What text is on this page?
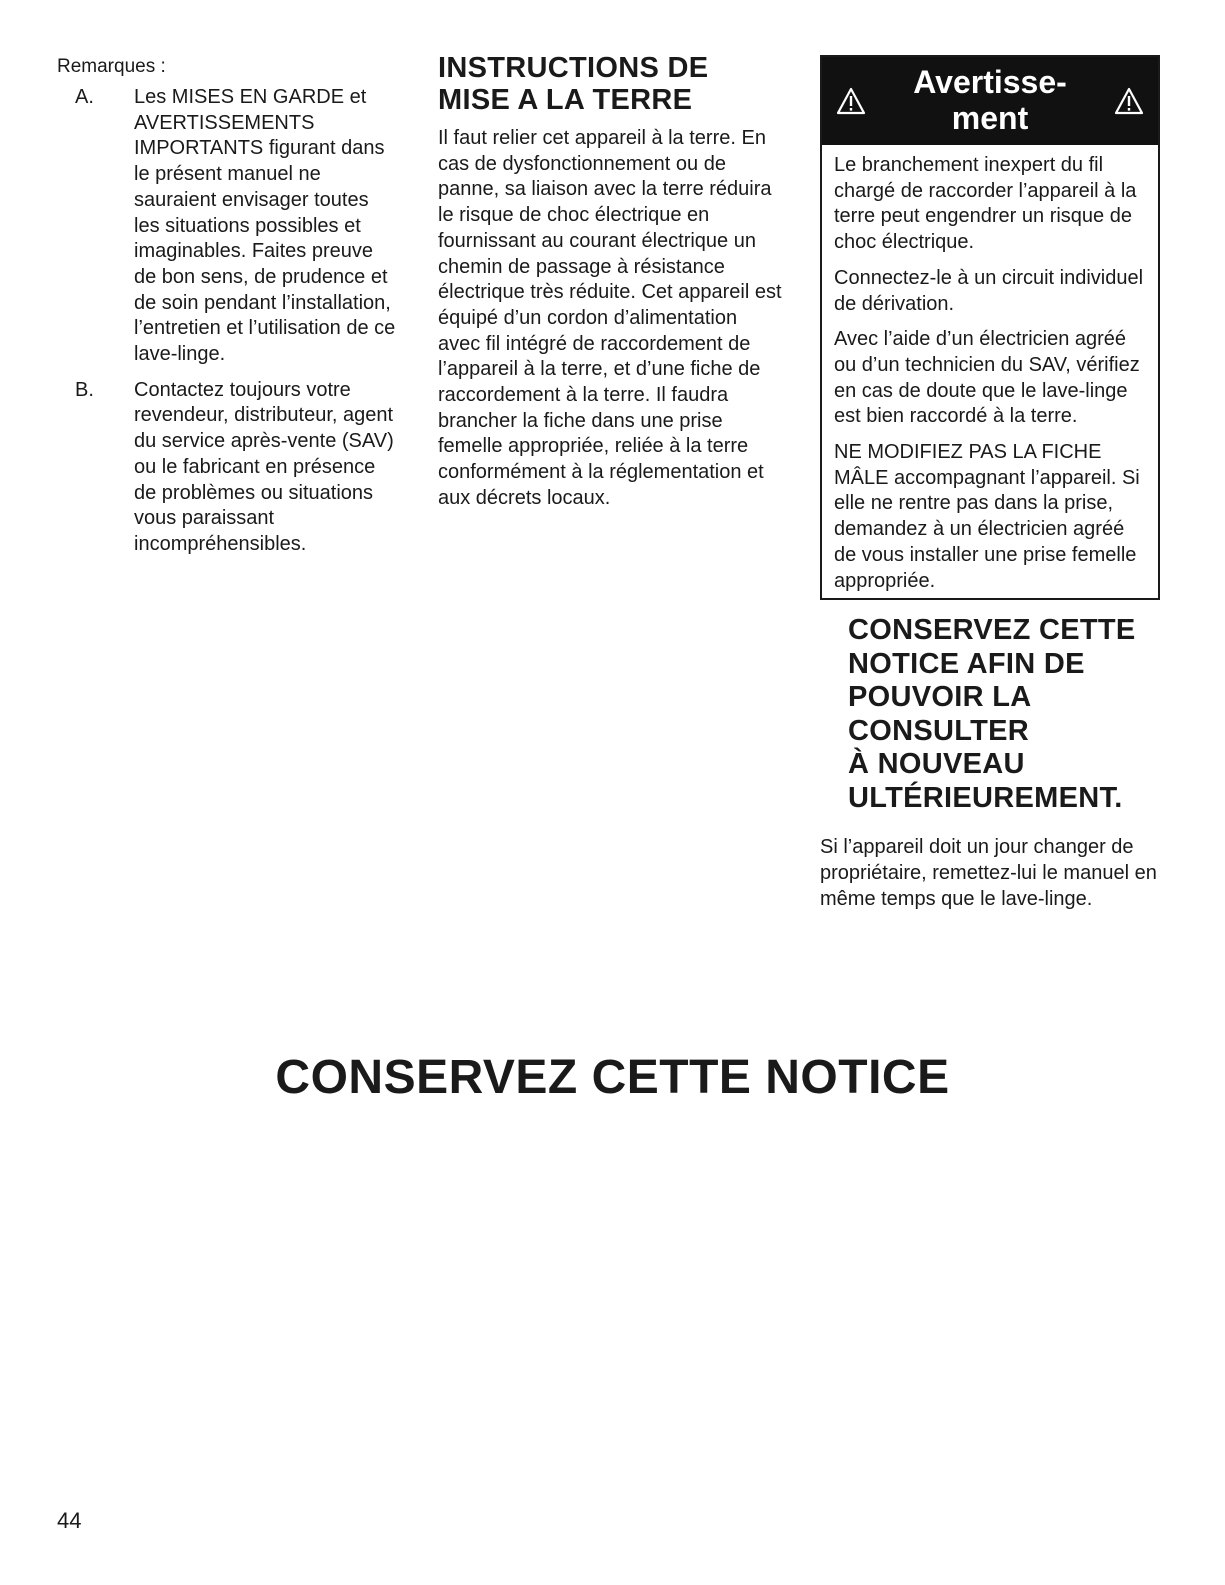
Remarques :
A. Les MISES EN GARDE et AVERTISSEMENTS IMPORTANTS figurant dans le présent manuel ne sauraient envisager toutes les situations possibles et imaginables. Faites preuve de bon sens, de prudence et de soin pendant l’installation, l’entretien et l’utilisation de ce lave-linge.
B. Contactez toujours votre revendeur, distributeur, agent du service après-vente (SAV) ou le fabricant en présence de problèmes ou situations vous paraissant incompréhensibles.
INSTRUCTIONS DE
MISE A LA TERRE

Il faut relier cet appareil à la terre. En cas de dysfonctionnement ou de panne, sa liaison avec la terre réduira le risque de choc électrique en fournissant au courant électrique un chemin de passage à résistance électrique très réduite. Cet appareil est équipé d’un cordon d’alimentation avec fil intégré de raccordement de l’appareil à la terre, et d’une fiche de raccordement à la terre. Il faudra brancher la fiche dans une prise femelle appropriée, reliée à la terre conformément à la réglementation et aux décrets locaux.

Avertisse-
ment

Le branchement inexpert du fil chargé de raccorder l’appareil à la terre peut engendrer un risque de choc électrique.

Connectez-le à un circuit individuel de dérivation.

Avec l’aide d’un électricien agréé ou d’un technicien du SAV, vérifiez en cas de doute que le lave-linge est bien raccordé à la terre.

NE MODIFIEZ PAS LA FICHE MÂLE accompagnant l’appareil. Si elle ne rentre pas dans la prise, demandez à un électricien agréé de vous installer une prise femelle appropriée.

CONSERVEZ CETTE
NOTICE AFIN DE
POUVOIR LA
CONSULTER
À NOUVEAU
ULTÉRIEUREMENT.

Si l’appareil doit un jour changer de propriétaire, remettez-lui le manuel en même temps que le lave-linge.

CONSERVEZ CETTE NOTICE
44
